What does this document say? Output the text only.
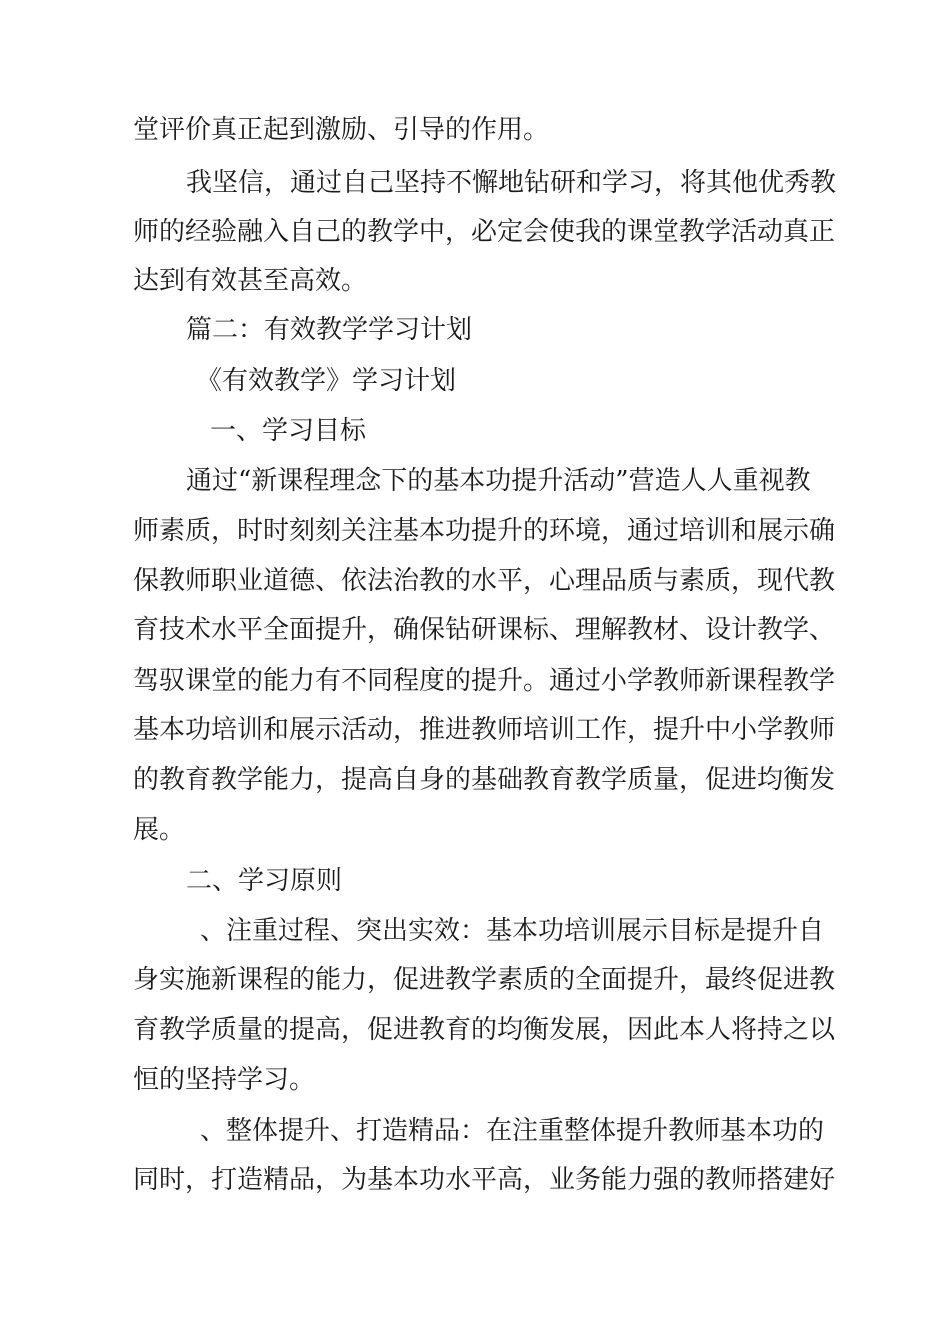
堂评价真正起到激励、引导的作用。
我坚信，通过自己坚持不懈地钻研和学习，将其他优秀教
师的经验融入自己的教学中，必定会使我的课堂教学活动真正
达到有效甚至高效。
篇二：有效教学学习计划
《有效教学》学习计划
一、学习目标
通过“新课程理念下的基本功提升活动”营造人人重视教
师素质，时时刻刻关注基本功提升的环境，通过培训和展示确
保教师职业道德、依法治教的水平，心理品质与素质，现代教
育技术水平全面提升，确保钻研课标、理解教材、设计教学、
驾驭课堂的能力有不同程度的提升。通过小学教师新课程教学
基本功培训和展示活动，推进教师培训工作，提升中小学教师
的教育教学能力，提高自身的基础教育教学质量，促进均衡发
展。
二、学习原则
、注重过程、突出实效：基本功培训展示目标是提升自
身实施新课程的能力，促进教学素质的全面提升，最终促进教
育教学质量的提高，促进教育的均衡发展，因此本人将持之以
恒的坚持学习。
、整体提升、打造精品：在注重整体提升教师基本功的
同时，打造精品，为基本功水平高，业务能力强的教师搭建好
